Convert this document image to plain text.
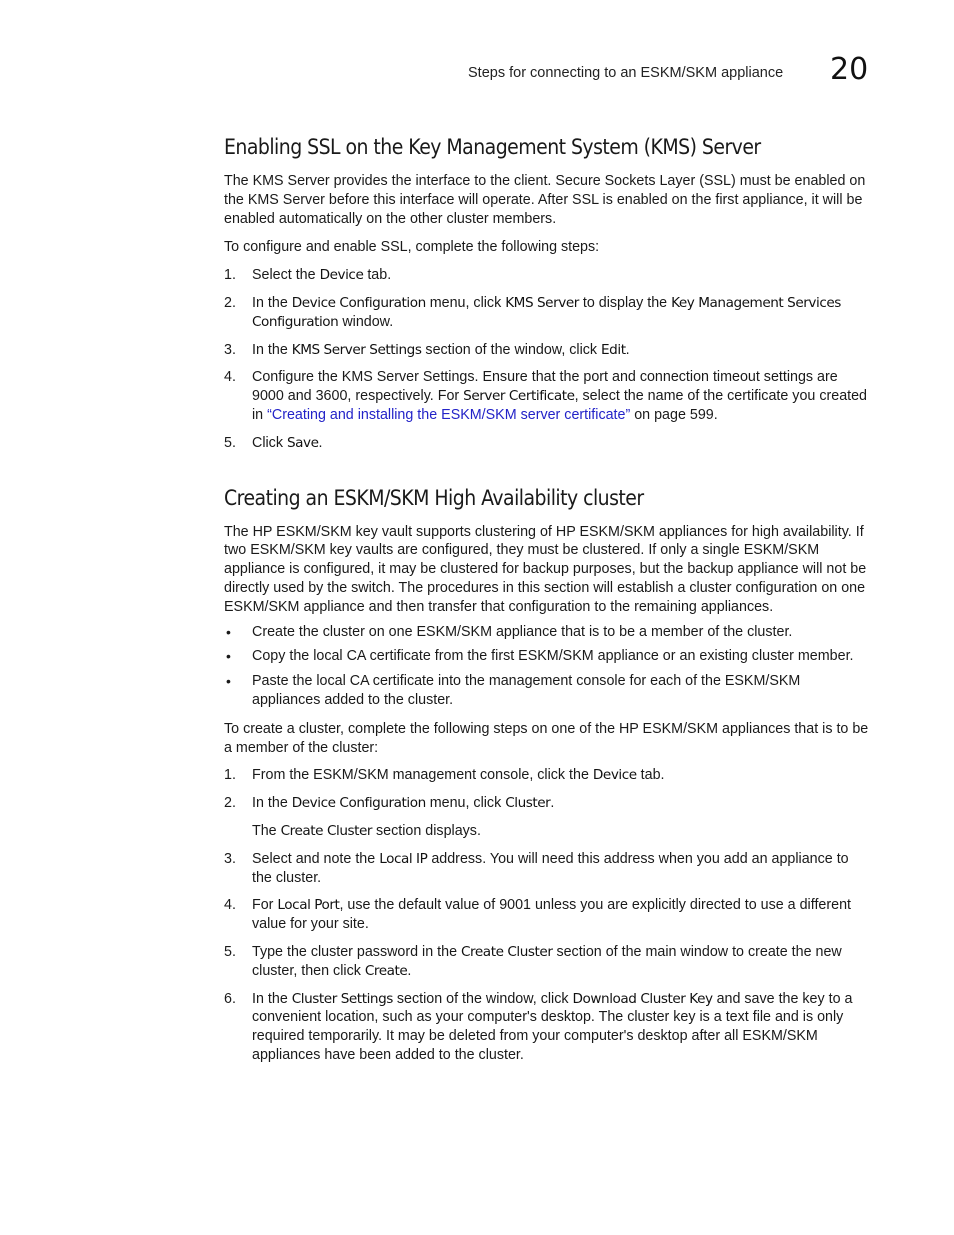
Steps for connecting to an ESKM/SKM appliance 20
Enabling SSL on the Key Management System (KMS) Server

The KMS Server provides the interface to the client. Secure Sockets Layer (SSL) must be enabled on the KMS Server before this interface will operate. After SSL is enabled on the first appliance, it will be enabled automatically on the other cluster members.

To configure and enable SSL, complete the following steps:

1. Select the Device tab.
2. In the Device Configuration menu, click KMS Server to display the Key Management Services Configuration window.
3. In the KMS Server Settings section of the window, click Edit.
4. Configure the KMS Server Settings. Ensure that the port and connection timeout settings are 9000 and 3600, respectively. For Server Certificate, select the name of the certificate you created in “Creating and installing the ESKM/SKM server certificate” on page 599.
5. Click Save.
Creating an ESKM/SKM High Availability cluster

The HP ESKM/SKM key vault supports clustering of HP ESKM/SKM appliances for high availability. If two ESKM/SKM key vaults are configured, they must be clustered. If only a single ESKM/SKM appliance is configured, it may be clustered for backup purposes, but the backup appliance will not be directly used by the switch. The procedures in this section will establish a cluster configuration on one ESKM/SKM appliance and then transfer that configuration to the remaining appliances.

• Create the cluster on one ESKM/SKM appliance that is to be a member of the cluster.
• Copy the local CA certificate from the first ESKM/SKM appliance or an existing cluster member.
• Paste the local CA certificate into the management console for each of the ESKM/SKM appliances added to the cluster.

To create a cluster, complete the following steps on one of the HP ESKM/SKM appliances that is to be a member of the cluster:

1. From the ESKM/SKM management console, click the Device tab.
2. In the Device Configuration menu, click Cluster.
The Create Cluster section displays.
3. Select and note the Local IP address. You will need this address when you add an appliance to the cluster.
4. For Local Port, use the default value of 9001 unless you are explicitly directed to use a different value for your site.
5. Type the cluster password in the Create Cluster section of the main window to create the new cluster, then click Create.
6. In the Cluster Settings section of the window, click Download Cluster Key and save the key to a convenient location, such as your computer's desktop. The cluster key is a text file and is only required temporarily. It may be deleted from your computer's desktop after all ESKM/SKM appliances have been added to the cluster.
